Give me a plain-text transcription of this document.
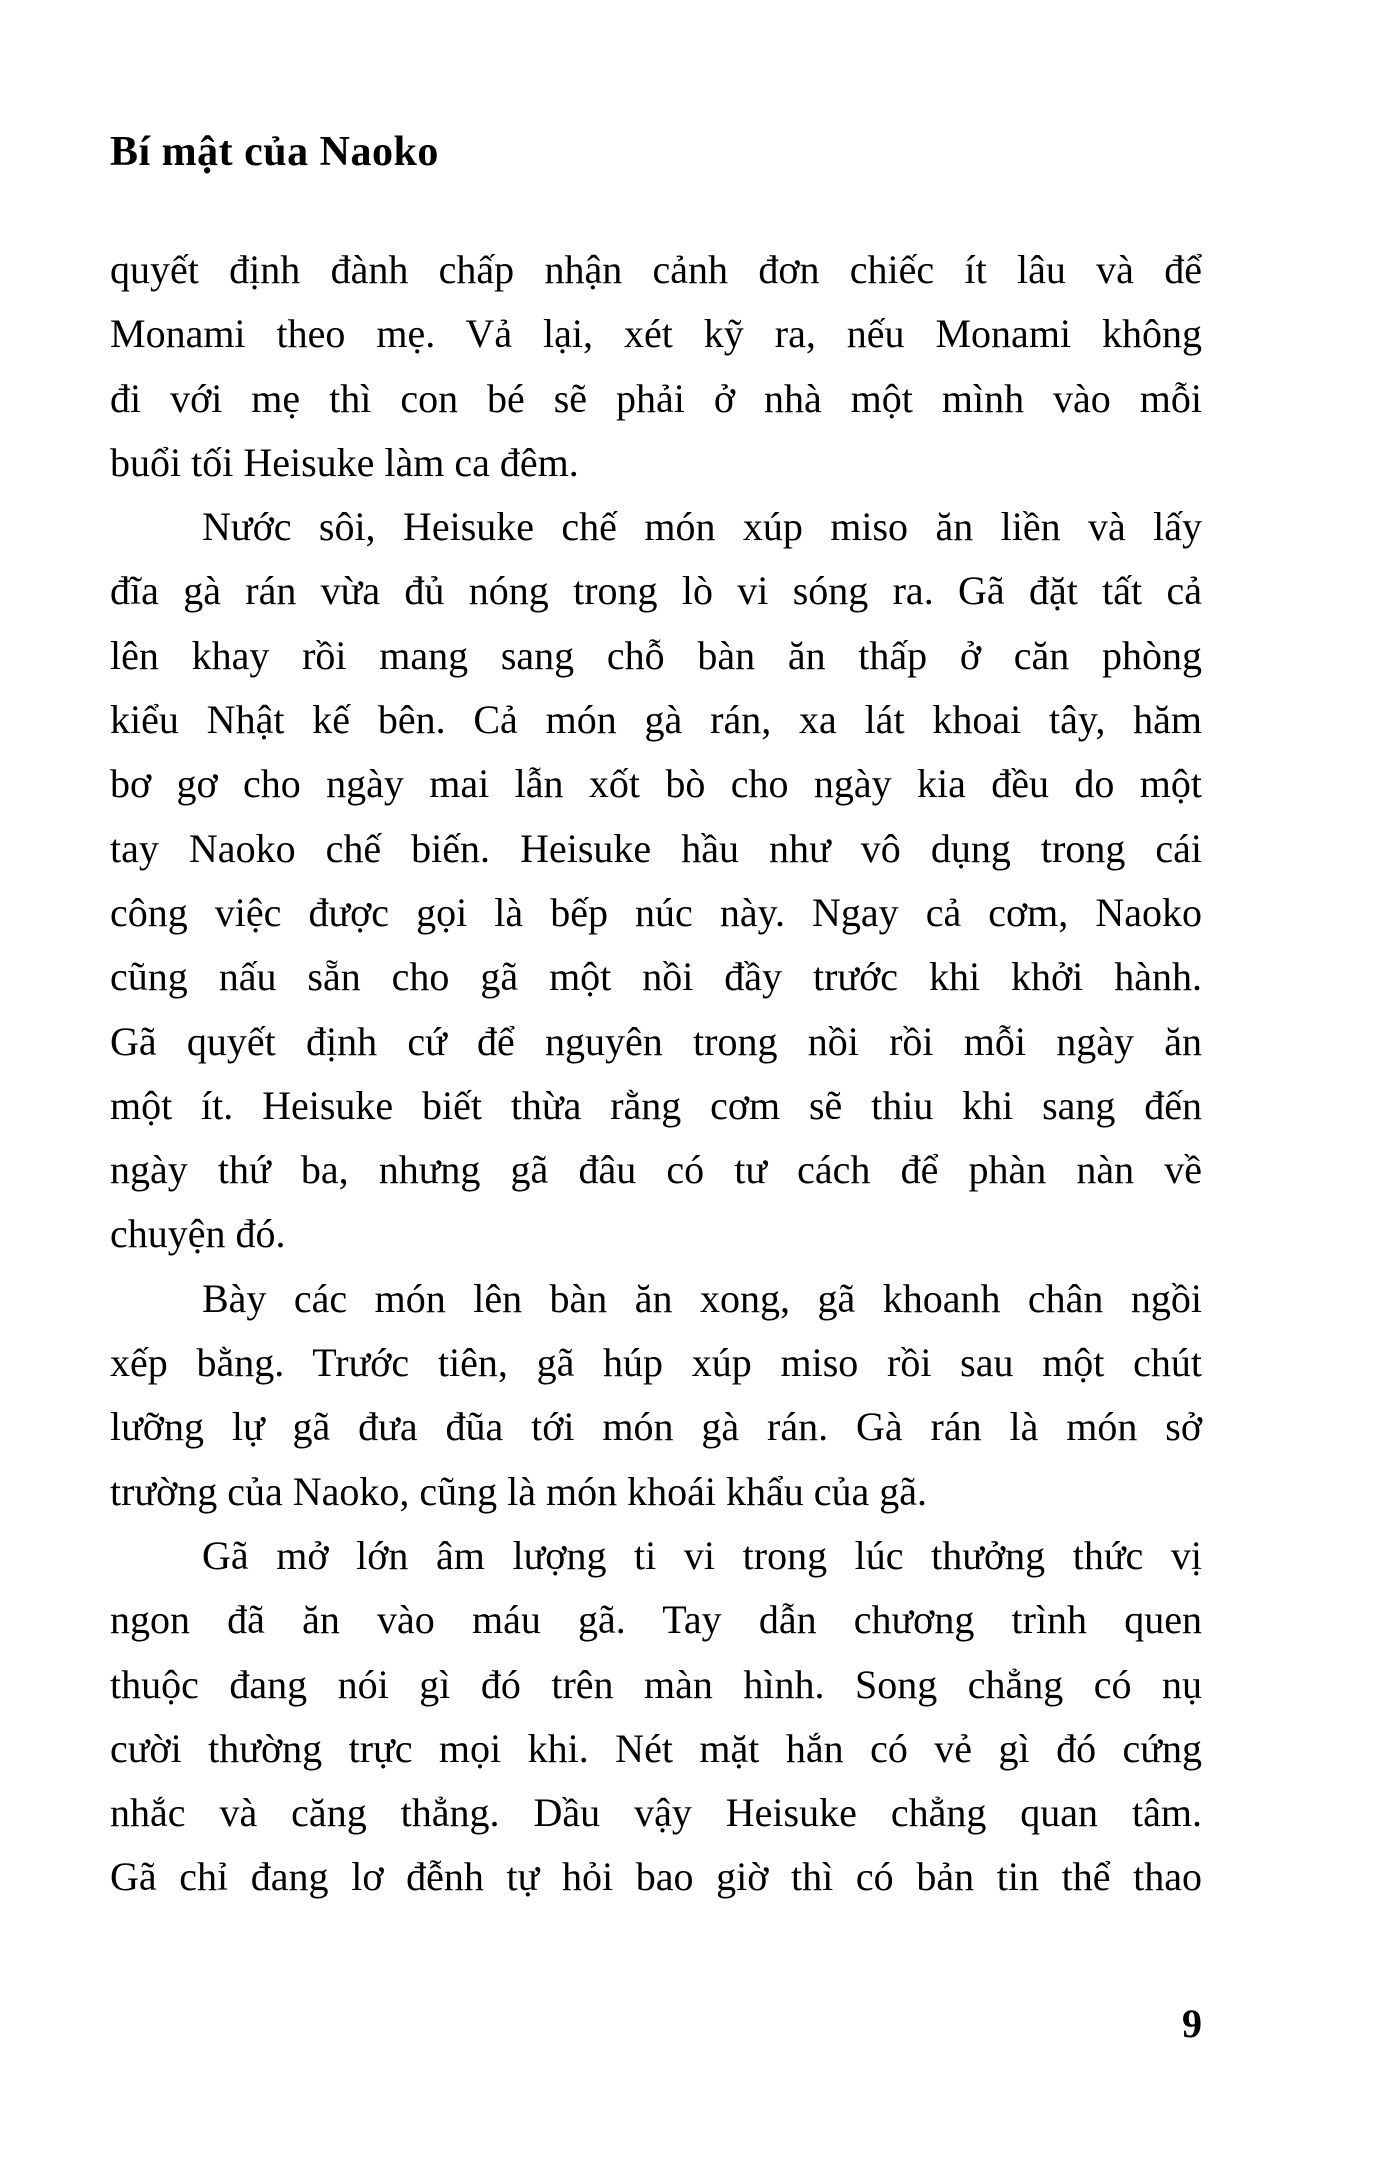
Bí mật của Naoko
quyết định đành chấp nhận cảnh đơn chiếc ít lâu và để
Monami theo mẹ. Vả lại, xét kỹ ra, nếu Monami không
đi với mẹ thì con bé sẽ phải ở nhà một mình vào mỗi
buổi tối Heisuke làm ca đêm.
Nước sôi, Heisuke chế món xúp miso ăn liền và lấy
đĩa gà rán vừa đủ nóng trong lò vi sóng ra. Gã đặt tất cả
lên khay rồi mang sang chỗ bàn ăn thấp ở căn phòng
kiểu Nhật kế bên. Cả món gà rán, xa lát khoai tây, hăm
bơ gơ cho ngày mai lẫn xốt bò cho ngày kia đều do một
tay Naoko chế biến. Heisuke hầu như vô dụng trong cái
công việc được gọi là bếp núc này. Ngay cả cơm, Naoko
cũng nấu sẵn cho gã một nồi đầy trước khi khởi hành.
Gã quyết định cứ để nguyên trong nồi rồi mỗi ngày ăn
một ít. Heisuke biết thừa rằng cơm sẽ thiu khi sang đến
ngày thứ ba, nhưng gã đâu có tư cách để phàn nàn về
chuyện đó.
Bày các món lên bàn ăn xong, gã khoanh chân ngồi
xếp bằng. Trước tiên, gã húp xúp miso rồi sau một chút
lưỡng lự gã đưa đũa tới món gà rán. Gà rán là món sở
trường của Naoko, cũng là món khoái khẩu của gã.
Gã mở lớn âm lượng ti vi trong lúc thưởng thức vị
ngon đã ăn vào máu gã. Tay dẫn chương trình quen
thuộc đang nói gì đó trên màn hình. Song chẳng có nụ
cười thường trực mọi khi. Nét mặt hắn có vẻ gì đó cứng
nhắc và căng thẳng. Dầu vậy Heisuke chẳng quan tâm.
Gã chỉ đang lơ đễnh tự hỏi bao giờ thì có bản tin thể thao
9
